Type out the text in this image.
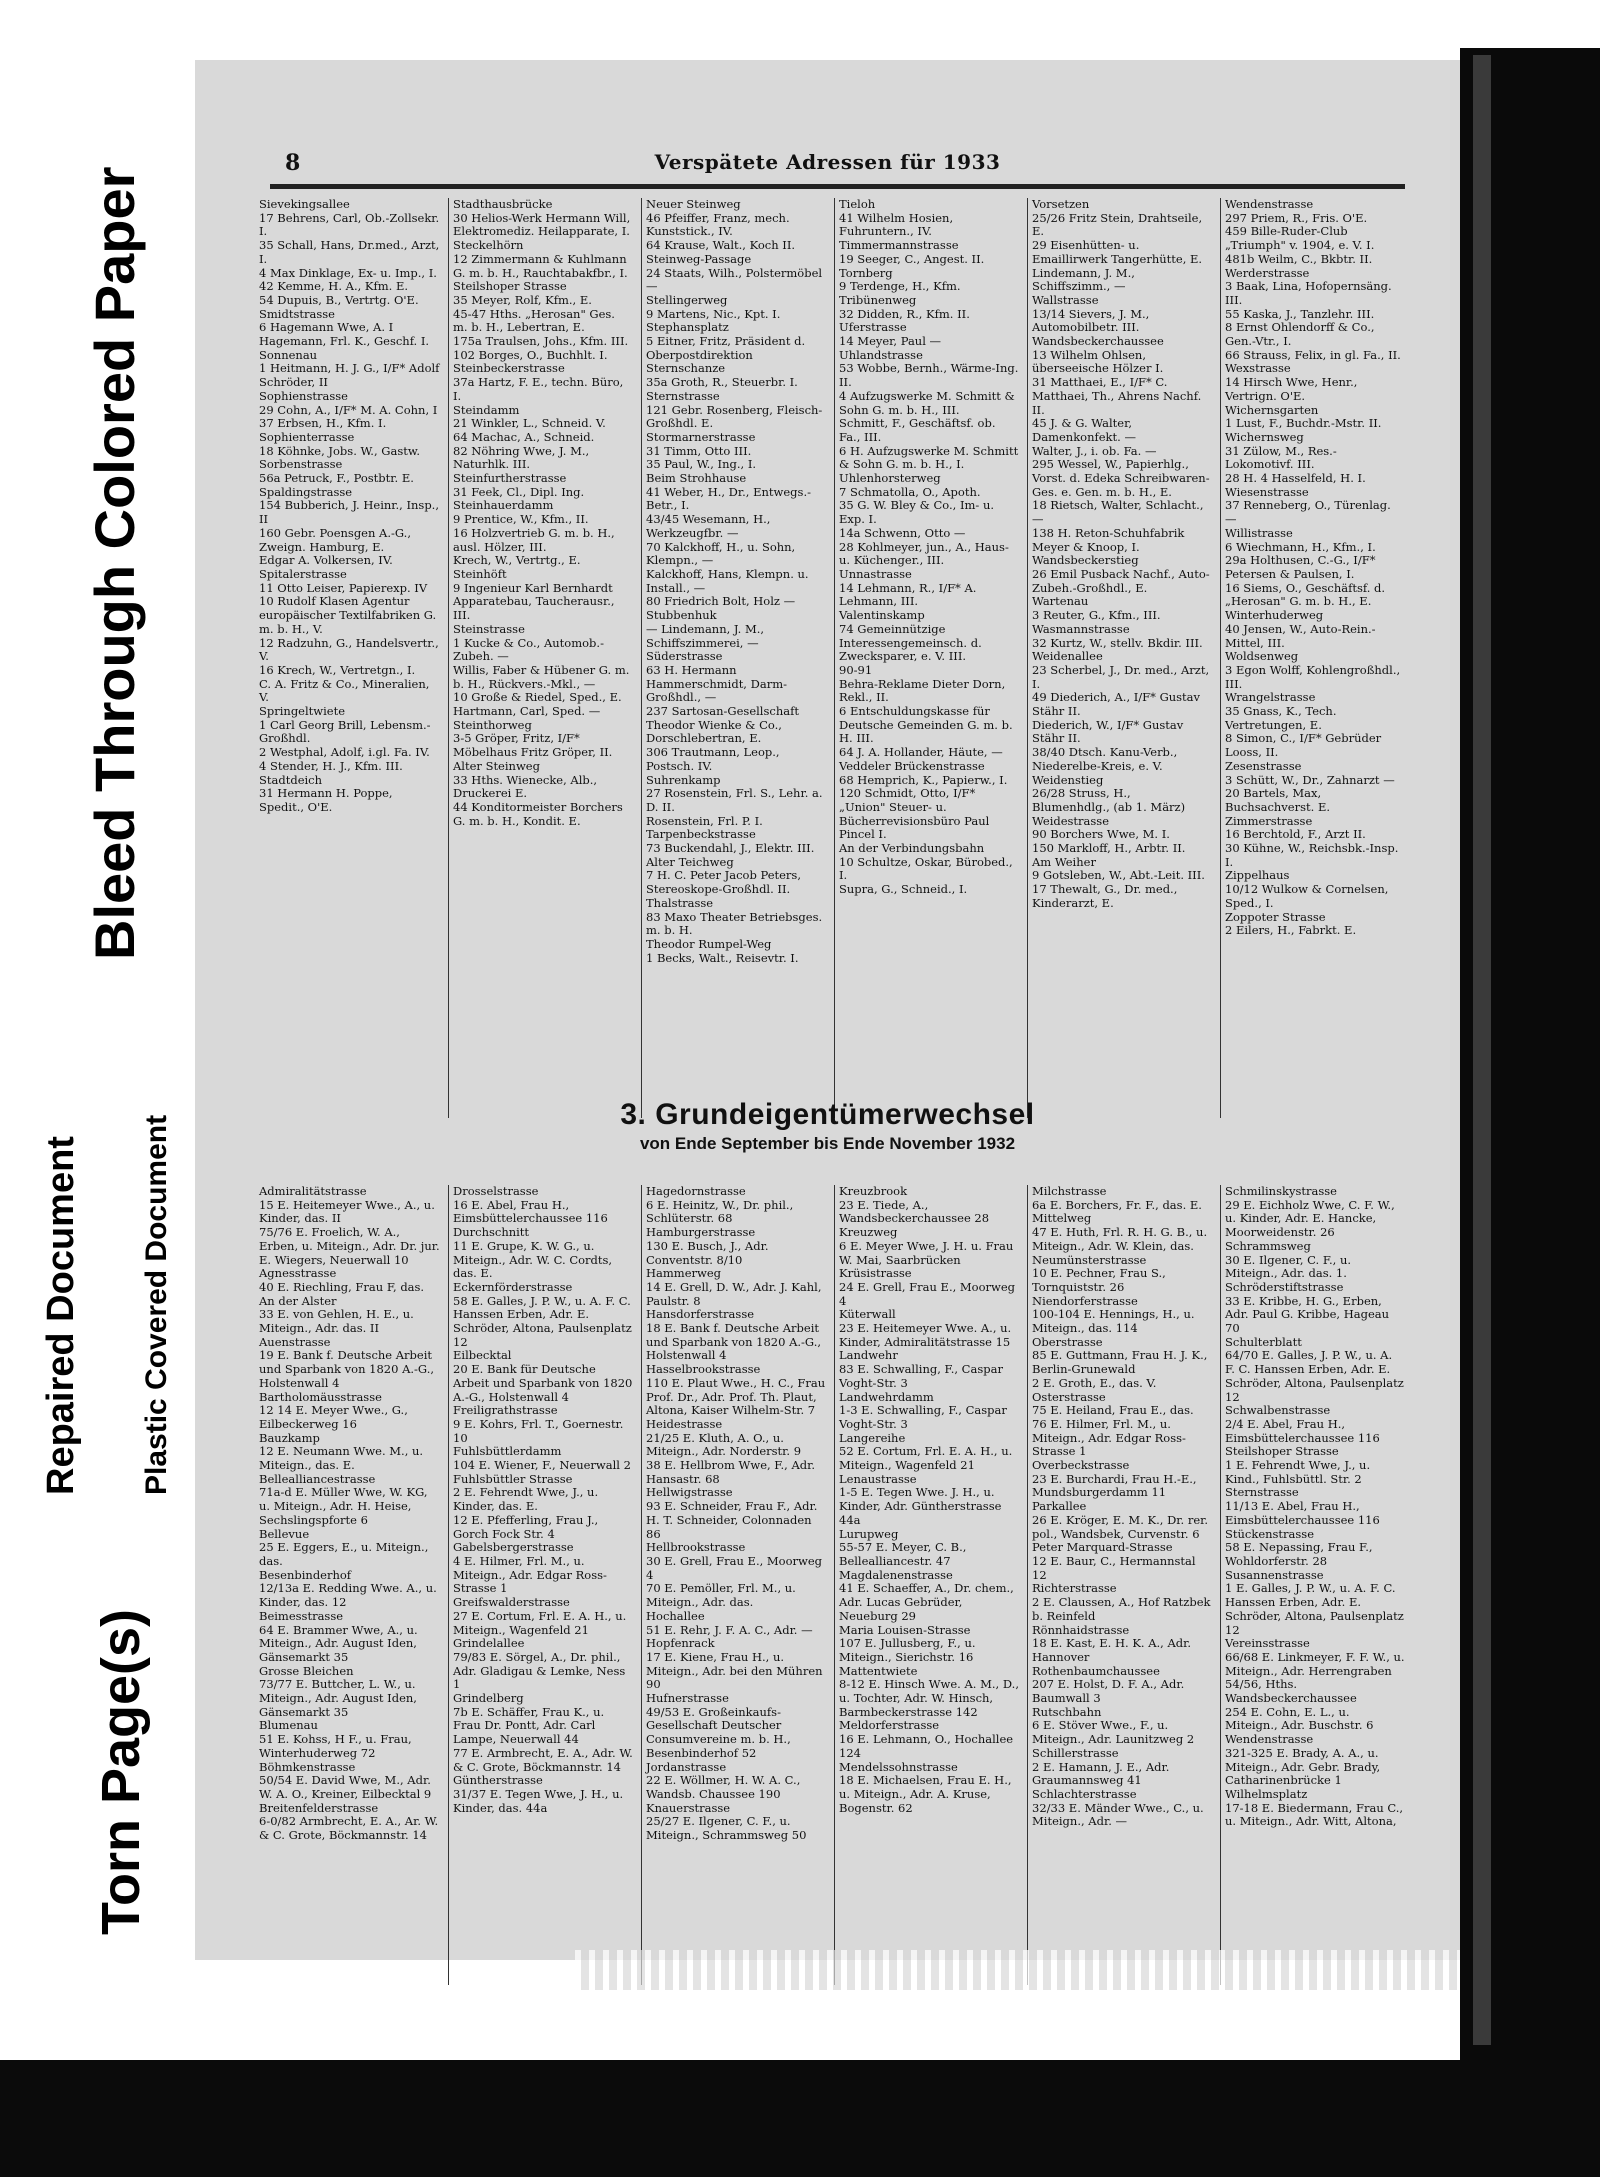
Torn Page(s)
Repaired Document Plastic Covered Document
Bleed Through Colored Paper
8	Verspätete Adressen für 1933

Sievekingsallee

17 Behrens, Carl, Ob.-Zollsekr. I.

35 Schall, Hans, Dr.med., Arzt, I.

4 Max Dinklage, Ex- u. Imp., I.

42 Kemme, H. A., Kfm. E.

54 Dupuis, B., Vertrtg. O'E.

Smidtstrasse

6 Hagemann Wwe, A. I

Hagemann, Frl. K., Geschf. I.

Sonnenau

1 Heitmann, H. J. G., I/F* Adolf Schröder, II

Sophienstrasse

29 Cohn, A., I/F* M. A. Cohn, I

37 Erbsen, H., Kfm. I.

Sophienterrasse

18 Köhnke, Jobs. W., Gastw.

Sorbenstrasse

56a Petruck, F., Postbtr. E.

Spaldingstrasse

154 Bubberich, J. Heinr., Insp., II

160 Gebr. Poensgen A.-G., Zweign. Hamburg, E.

Edgar A. Volkersen, IV.

Spitalerstrasse

11 Otto Leiser, Papierexp. IV

10 Rudolf Klasen Agentur europäischer Textilfabriken G. m. b. H., V.

12 Radzuhn, G., Handelsvertr., V.

16 Krech, W., Vertretgn., I.

C. A. Fritz & Co., Mineralien, V.

Springeltwiete

1 Carl Georg Brill, Lebensm.-Großhdl.

2 Westphal, Adolf, i.gl. Fa. IV.

4 Stender, H. J., Kfm. III.

Stadtdeich

31 Hermann H. Poppe, Spedit., O'E.

Stadthausbrücke

30 Helios-Werk Hermann Will, Elektromediz. Heilapparate, I.

Steckelhörn

12 Zimmermann & Kuhlmann G. m. b. H., Rauchtabakfbr., I.

Steilshoper Strasse

35 Meyer, Rolf, Kfm., E.

45-47 Hths. „Herosan" Ges. m. b. H., Lebertran, E.

175a Traulsen, Johs., Kfm. III.

102 Borges, O., Buchhlt. I.

Steinbeckerstrasse

37a Hartz, F. E., techn. Büro, I.

Steindamm

21 Winkler, L., Schneid. V.

64 Machac, A., Schneid.

82 Nöhring Wwe, J. M., Naturhlk. III.

Steinfurtherstrasse

31 Feek, Cl., Dipl. Ing.

Steinhauerdamm

9 Prentice, W., Kfm., II.

16 Holzvertrieb G. m. b. H., ausl. Hölzer, III.

Krech, W., Vertrtg., E.

Steinhöft

9 Ingenieur Karl Bernhardt Apparatebau, Taucherausr., III.

Steinstrasse

1 Kucke & Co., Automob.-Zubeh. —

Willis, Faber & Hübener G. m. b. H., Rückvers.-Mkl., —

10 Große & Riedel, Sped., E.

Hartmann, Carl, Sped. —

Steinthorweg

3-5 Gröper, Fritz, I/F* Möbelhaus Fritz Gröper, II.

Alter Steinweg

33 Hths. Wienecke, Alb., Druckerei E.

44 Konditormeister Borchers G. m. b. H., Kondit. E.

Neuer Steinweg

46 Pfeiffer, Franz, mech. Kunststick., IV.

64 Krause, Walt., Koch II.

Steinweg-Passage

24 Staats, Wilh., Polstermöbel —

Stellingerweg

9 Martens, Nic., Kpt. I.

Stephansplatz

5 Eitner, Fritz, Präsident d. Oberpostdirektion

Sternschanze

35a Groth, R., Steuerbr. I.

Sternstrasse

121 Gebr. Rosenberg, Fleisch-Großhdl. E.

Stormarnerstrasse

31 Timm, Otto III.

35 Paul, W., Ing., I.

Beim Strohhause

41 Weber, H., Dr., Entwegs.-Betr., I.

43/45 Wesemann, H., Werkzeugfbr. —

70 Kalckhoff, H., u. Sohn, Klempn., —

Kalckhoff, Hans, Klempn. u. Install., —

80 Friedrich Bolt, Holz —

Stubbenhuk

— Lindemann, J. M., Schiffszimmerei, —

Süderstrasse

63 H. Hermann Hammerschmidt, Darm-Großhdl., —

237 Sartosan-Gesellschaft Theodor Wienke & Co., Dorschlebertran, E.

306 Trautmann, Leop., Postsch. IV.

Suhrenkamp

27 Rosenstein, Frl. S., Lehr. a. D. II.

Rosenstein, Frl. P. I.

Tarpenbeckstrasse

73 Buckendahl, J., Elektr. III.

Alter Teichweg

7 H. C. Peter Jacob Peters, Stereoskope-Großhdl. II.

Thalstrasse

83 Maxo Theater Betriebsges. m. b. H.

Theodor Rumpel-Weg

1 Becks, Walt., Reisevtr. I.

Tieloh

41 Wilhelm Hosien, Fuhruntern., IV.

Timmermannstrasse

19 Seeger, C., Angest. II.

Tornberg

9 Terdenge, H., Kfm.

Tribünenweg

32 Didden, R., Kfm. II.

Uferstrasse

14 Meyer, Paul —

Uhlandstrasse

53 Wobbe, Bernh., Wärme-Ing. II.

4 Aufzugswerke M. Schmitt & Sohn G. m. b. H., III.

Schmitt, F., Geschäftsf. ob. Fa., III.

6 H. Aufzugswerke M. Schmitt & Sohn G. m. b. H., I.

Uhlenhorsterweg

7 Schmatolla, O., Apoth.

35 G. W. Bley & Co., Im- u. Exp. I.

14a Schwenn, Otto —

28 Kohlmeyer, jun., A., Haus- u. Küchenger., III.

Unnastrasse

14 Lehmann, R., I/F* A. Lehmann, III.

Valentinskamp

74 Gemeinnützige Interessengemeinsch. d. Zwecksparer, e. V. III.

90-91

Behra-Reklame Dieter Dorn, Rekl., II.

6 Entschuldungskasse für Deutsche Gemeinden G. m. b. H. III.

64 J. A. Hollander, Häute, —

Veddeler Brückenstrasse

68 Hemprich, K., Papierw., I.

120 Schmidt, Otto, I/F* „Union" Steuer- u. Bücherrevisionsbüro Paul Pincel I.

An der Verbindungsbahn

10 Schultze, Oskar, Bürobed., I.

Supra, G., Schneid., I.

Vorsetzen

25/26 Fritz Stein, Drahtseile, E.

29 Eisenhütten- u. Emaillirwerk Tangerhütte, E.

Lindemann, J. M., Schiffszimm., —

Wallstrasse

13/14 Sievers, J. M., Automobilbetr. III.

Wandsbeckerchaussee

13 Wilhelm Ohlsen, überseeische Hölzer I.

31 Matthaei, E., I/F* C. Matthaei, Th., Ahrens Nachf. II.

45 J. & G. Walter, Damenkonfekt. —

Walter, J., i. ob. Fa. —

295 Wessel, W., Papierhlg., Vorst. d. Edeka Schreibwaren-Ges. e. Gen. m. b. H., E.

18 Rietsch, Walter, Schlacht., —

138 H. Reton-Schuhfabrik Meyer & Knoop, I.

Wandsbeckerstieg

26 Emil Pusback Nachf., Auto-Zubeh.-Großhdl., E.

Wartenau

3 Reuter, G., Kfm., III.

Wasmannstrasse

32 Kurtz, W., stellv. Bkdir. III.

Weidenallee

23 Scherbel, J., Dr. med., Arzt, I.

49 Diederich, A., I/F* Gustav Stähr II.

Diederich, W., I/F* Gustav Stähr II.

38/40 Dtsch. Kanu-Verb., Niederelbe-Kreis, e. V.

Weidenstieg

26/28 Struss, H., Blumenhdlg., (ab 1. März)

Weidestrasse

90 Borchers Wwe, M. I.

150 Markloff, H., Arbtr. II.

Am Weiher

9 Gotsleben, W., Abt.-Leit. III.

17 Thewalt, G., Dr. med., Kinderarzt, E.

Wendenstrasse

297 Priem, R., Fris. O'E.

459 Bille-Ruder-Club „Triumph" v. 1904, e. V. I.

481b Weilm, C., Bkbtr. II.

Werderstrasse

3 Baak, Lina, Hofopernsäng. III.

55 Kaska, J., Tanzlehr. III.

8 Ernst Ohlendorff & Co., Gen.-Vtr., I.

66 Strauss, Felix, in gl. Fa., II.

Wexstrasse

14 Hirsch Wwe, Henr., Vertrign. O'E.

Wichernsgarten

1 Lust, F., Buchdr.-Mstr. II.

Wichernsweg

31 Zülow, M., Res.-Lokomotivf. III.

28 H. 4 Hasselfeld, H. I.

Wiesenstrasse

37 Renneberg, O., Türenlag. —

Willistrasse

6 Wiechmann, H., Kfm., I.

29a Holthusen, C.-G., I/F* Petersen & Paulsen, I.

16 Siems, O., Geschäftsf. d. „Herosan" G. m. b. H., E.

Winterhuderweg

40 Jensen, W., Auto-Rein.-Mittel, III.

Woldsenweg

3 Egon Wolff, Kohlengroßhdl., III.

Wrangelstrasse

35 Gnass, K., Tech. Vertretungen, E.

8 Simon, C., I/F* Gebrüder Looss, II.

Zesenstrasse

3 Schütt, W., Dr., Zahnarzt —

20 Bartels, Max, Buchsachverst. E.

Zimmerstrasse

16 Berchtold, F., Arzt II.

30 Kühne, W., Reichsbk.-Insp. I.

Zippelhaus

10/12 Wulkow & Cornelsen, Sped., I.

Zoppoter Strasse

2 Eilers, H., Fabrkt. E.

3. Grundeigentümerwechsel
von Ende September bis Ende November 1932

Admiralitätstrasse

15 E. Heitemeyer Wwe., A., u. Kinder, das. II

75/76 E. Froelich, W. A., Erben, u. Miteign., Adr. Dr. jur. E. Wiegers, Neuerwall 10

Agnesstrasse

40 E. Riechling, Frau F, das.

An der Alster

33 E. von Gehlen, H. E., u. Miteign., Adr. das. II

Auenstrasse

19 E. Bank f. Deutsche Arbeit und Sparbank von 1820 A.-G., Holstenwall 4

Bartholomäusstrasse

12 14 E. Meyer Wwe., G., Eilbeckerweg 16

Bauzkamp

12 E. Neumann Wwe. M., u. Miteign., das. E.

Bellealliancestrasse

71a-d E. Müller Wwe, W. KG, u. Miteign., Adr. H. Heise, Sechslingspforte 6

Bellevue

25 E. Eggers, E., u. Miteign., das.

Besenbinderhof

12/13a E. Redding Wwe. A., u. Kinder, das. 12

Beimesstrasse

64 E. Brammer Wwe, A., u. Miteign., Adr. August Iden, Gänsemarkt 35

Grosse Bleichen

73/77 E. Buttcher, L. W., u. Miteign., Adr. August Iden, Gänsemarkt 35

Blumenau

51 E. Kohss, H F., u. Frau, Winterhuderweg 72

Böhmkenstrasse

50/54 E. David Wwe, M., Adr. W. A. O., Kreiner, Eilbecktal 9

Breitenfelderstrasse

6-0/82 Armbrecht, E. A., Ar. W. & C. Grote, Böckmannstr. 14

Drosselstrasse

16 E. Abel, Frau H., Eimsbüttelerchaussee 116

Durchschnitt

11 E. Grupe, K. W. G., u. Miteign., Adr. W. C. Cordts, das. E.

Eckernförderstrasse

58 E. Galles, J. P. W., u. A. F. C. Hanssen Erben, Adr. E. Schröder, Altona, Paulsenplatz 12

Eilbecktal

20 E. Bank für Deutsche Arbeit und Sparbank von 1820 A.-G., Holstenwall 4

Freiligrathstrasse

9 E. Kohrs, Frl. T., Goernestr. 10

Fuhlsbüttlerdamm

104 E. Wiener, F., Neuerwall 2

Fuhlsbüttler Strasse

2 E. Fehrendt Wwe, J., u. Kinder, das. E.

12 E. Pfefferling, Frau J., Gorch Fock Str. 4

Gabelsbergerstrasse

4 E. Hilmer, Frl. M., u. Miteign., Adr. Edgar Ross-Strasse 1

Greifswalderstrasse

27 E. Cortum, Frl. E. A. H., u. Miteign., Wagenfeld 21

Grindelallee

79/83 E. Sörgel, A., Dr. phil., Adr. Gladigau & Lemke, Ness 1

Grindelberg

7b E. Schäffer, Frau K., u. Frau Dr. Pontt, Adr. Carl Lampe, Neuerwall 44

77 E. Armbrecht, E. A., Adr. W. & C. Grote, Böckmannstr. 14

Güntherstrasse

31/37 E. Tegen Wwe, J. H., u. Kinder, das. 44a

Hagedornstrasse

6 E. Heinitz, W., Dr. phil., Schlüterstr. 68

Hamburgerstrasse

130 E. Busch, J., Adr. Conventstr. 8/10

Hammerweg

14 E. Grell, D. W., Adr. J. Kahl, Paulstr. 8

Hansdorferstrasse

18 E. Bank f. Deutsche Arbeit und Sparbank von 1820 A.-G., Holstenwall 4

Hasselbrookstrasse

110 E. Plaut Wwe., H. C., Frau Prof. Dr., Adr. Prof. Th. Plaut, Altona, Kaiser Wilhelm-Str. 7

Heidestrasse

21/25 E. Kluth, A. O., u. Miteign., Adr. Norderstr. 9

38 E. Hellbrom Wwe, F., Adr. Hansastr. 68

Hellwigstrasse

93 E. Schneider, Frau F., Adr. H. T. Schneider, Colonnaden 86

Hellbrookstrasse

30 E. Grell, Frau E., Moorweg 4

70 E. Pemöller, Frl. M., u. Miteign., Adr. das.

Hochallee

51 E. Rehr, J. F. A. C., Adr. —

Hopfenrack

17 E. Kiene, Frau H., u. Miteign., Adr. bei den Mühren 90

Hufnerstrasse

49/53 E. Großeinkaufs-Gesellschaft Deutscher Consumvereine m. b. H., Besenbinderhof 52

Jordanstrasse

22 E. Wöllmer, H. W. A. C., Wandsb. Chaussee 190

Knauerstrasse

25/27 E. Ilgener, C. F., u. Miteign., Schrammsweg 50

Kreuzbrook

23 E. Tiede, A., Wandsbeckerchaussee 28

Kreuzweg

6 E. Meyer Wwe, J. H. u. Frau W. Mai, Saarbrücken

Krüsistrasse

24 E. Grell, Frau E., Moorweg 4

Küterwall

23 E. Heitemeyer Wwe. A., u. Kinder, Admiralitätstrasse 15

Landwehr

83 E. Schwalling, F., Caspar Voght-Str. 3

Landwehrdamm

1-3 E. Schwalling, F., Caspar Voght-Str. 3

Langereihe

52 E. Cortum, Frl. E. A. H., u. Miteign., Wagenfeld 21

Lenaustrasse

1-5 E. Tegen Wwe. J. H., u. Kinder, Adr. Güntherstrasse 44a

Lurupweg

55-57 E. Meyer, C. B., Bellealliancestr. 47

Magdalenenstrasse

41 E. Schaeffer, A., Dr. chem., Adr. Lucas Gebrüder, Neueburg 29

Maria Louisen-Strasse

107 E. Jullusberg, F., u. Miteign., Sierichstr. 16

Mattentwiete

8-12 E. Hinsch Wwe. A. M., D., u. Tochter, Adr. W. Hinsch, Barmbeckerstrasse 142

Meldorferstrasse

16 E. Lehmann, O., Hochallee 124

Mendelssohnstrasse

18 E. Michaelsen, Frau E. H., u. Miteign., Adr. A. Kruse, Bogenstr. 62

Milchstrasse

6a E. Borchers, Fr. F., das. E.

Mittelweg

47 E. Huth, Frl. R. H. G. B., u. Miteign., Adr. W. Klein, das.

Neumünsterstrasse

10 E. Pechner, Frau S., Tornquiststr. 26

Niendorferstrasse

100-104 E. Hennings, H., u. Miteign., das. 114

Oberstrasse

85 E. Guttmann, Frau H. J. K., Berlin-Grunewald

2 E. Groth, E., das. V.

Osterstrasse

75 E. Heiland, Frau E., das.

76 E. Hilmer, Frl. M., u. Miteign., Adr. Edgar Ross-Strasse 1

Overbeckstrasse

23 E. Burchardi, Frau H.-E., Mundsburgerdamm 11

Parkallee

26 E. Kröger, E. M. K., Dr. rer. pol., Wandsbek, Curvenstr. 6

Peter Marquard-Strasse

12 E. Baur, C., Hermannstal 12

Richterstrasse

2 E. Claussen, A., Hof Ratzbek b. Reinfeld

Rönnhaidstrasse

18 E. Kast, E. H. K. A., Adr. Hannover

Rothenbaumchaussee

207 E. Holst, D. F. A., Adr. Baumwall 3

Rutschbahn

6 E. Stöver Wwe., F., u. Miteign., Adr. Launitzweg 2

Schillerstrasse

2 E. Hamann, J. E., Adr. Graumannsweg 41

Schlachterstrasse

32/33 E. Mänder Wwe., C., u. Miteign., Adr. —

Schmilinskystrasse

29 E. Eichholz Wwe, C. F. W., u. Kinder, Adr. E. Hancke, Moorweidenstr. 26

Schrammsweg

30 E. Ilgener, C. F., u. Miteign., Adr. das. 1.

Schröderstiftstrasse

33 E. Kribbe, H. G., Erben, Adr. Paul G. Kribbe, Hageau 70

Schulterblatt

64/70 E. Galles, J. P. W., u. A. F. C. Hanssen Erben, Adr. E. Schröder, Altona, Paulsenplatz 12

Schwalbenstrasse

2/4 E. Abel, Frau H., Eimsbüttelerchaussee 116

Steilshoper Strasse

1 E. Fehrendt Wwe, J., u. Kind., Fuhlsbüttl. Str. 2

Sternstrasse

11/13 E. Abel, Frau H., Eimsbüttelerchaussee 116

Stückenstrasse

58 E. Nepassing, Frau F., Wohldorferstr. 28

Susannenstrasse

1 E. Galles, J. P. W., u. A. F. C. Hanssen Erben, Adr. E. Schröder, Altona, Paulsenplatz 12

Vereinsstrasse

66/68 E. Linkmeyer, F. F. W., u. Miteign., Adr. Herrengraben 54/56, Hths.

Wandsbeckerchaussee

254 E. Cohn, E. L., u. Miteign., Adr. Buschstr. 6

Wendenstrasse

321-325 E. Brady, A. A., u. Miteign., Adr. Gebr. Brady, Catharinenbrücke 1

Wilhelmsplatz

17-18 E. Biedermann, Frau C., u. Miteign., Adr. Witt, Altona,
